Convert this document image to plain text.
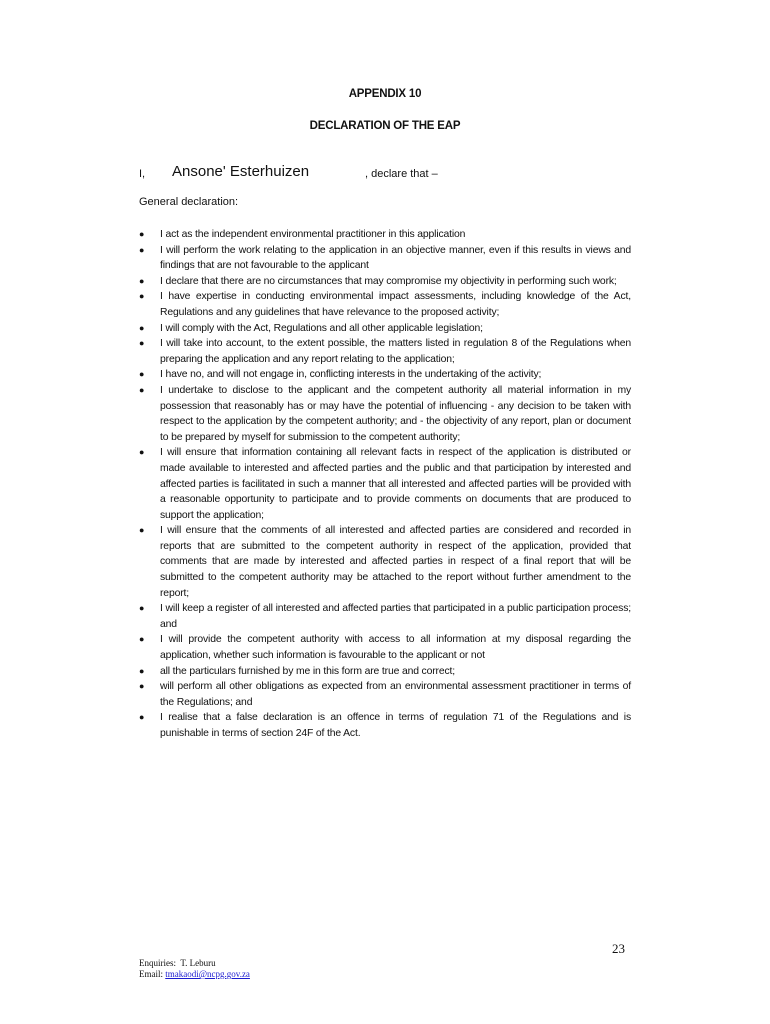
APPENDIX 10
DECLARATION OF THE EAP
I, Ansone' Esterhuizen	, declare that –
General declaration:
● I act as the independent environmental practitioner in this application
● I will perform the work relating to the application in an objective manner, even if this results in views and findings that are not favourable to the applicant
● I declare that there are no circumstances that may compromise my objectivity in performing such work;
● I have expertise in conducting environmental impact assessments, including knowledge of the Act, Regulations and any guidelines that have relevance to the proposed activity;
● I will comply with the Act, Regulations and all other applicable legislation;
● I will take into account, to the extent possible, the matters listed in regulation 8 of the Regulations when preparing the application and any report relating to the application;
● I have no, and will not engage in, conflicting interests in the undertaking of the activity;
● I undertake to disclose to the applicant and the competent authority all material information in my possession that reasonably has or may have the potential of influencing - any decision to be taken with respect to the application by the competent authority; and - the objectivity of any report, plan or document to be prepared by myself for submission to the competent authority;
● I will ensure that information containing all relevant facts in respect of the application is distributed or made available to interested and affected parties and the public and that participation by interested and affected parties is facilitated in such a manner that all interested and affected parties will be provided with a reasonable opportunity to participate and to provide comments on documents that are produced to support the application;
● I will ensure that the comments of all interested and affected parties are considered and recorded in reports that are submitted to the competent authority in respect of the application, provided that comments that are made by interested and affected parties in respect of a final report that will be submitted to the competent authority may be attached to the report without further amendment to the report;
● I will keep a register of all interested and affected parties that participated in a public participation process; and
● I will provide the competent authority with access to all information at my disposal regarding the application, whether such information is favourable to the applicant or not
● all the particulars furnished by me in this form are true and correct;
● will perform all other obligations as expected from an environmental assessment practitioner in terms of the Regulations; and
● I realise that a false declaration is an offence in terms of regulation 71 of the Regulations and is punishable in terms of section 24F of the Act.
23
Enquiries: T. Leburu
Email: tmakaodi@ncpg.gov.za
